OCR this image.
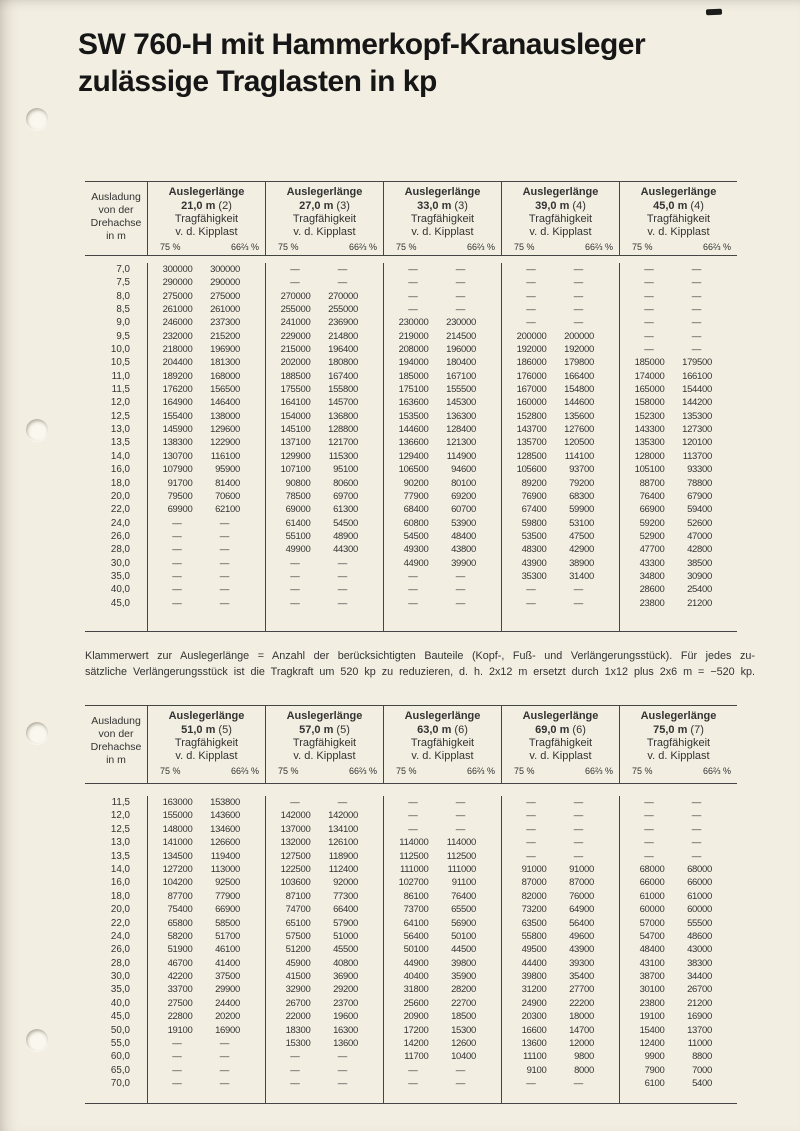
SW 760-H mit Hammerkopf-Kranausleger
zulässige Traglasten in kp
Ausladung
von der
Drehachse
in m
Auslegerlänge
21,0 m (2)
Tragfähigkeit
v. d. Kipplast
75 %	66⅔ %
Auslegerlänge
27,0 m (3)
Tragfähigkeit
v. d. Kipplast
75 %	66⅔ %
Auslegerlänge
33,0 m (3)
Tragfähigkeit
v. d. Kipplast
75 %	66⅔ %
Auslegerlänge
39,0 m (4)
Tragfähigkeit
v. d. Kipplast
75 %	66⅔ %
Auslegerlänge
45,0 m (4)
Tragfähigkeit
v. d. Kipplast
75 %	66⅔ %
7,0	300000	300000	—	—	—	—	—	—	—	—
7,5	290000	290000	—	—	—	—	—	—	—	—
8,0	275000	275000	270000	270000	—	—	—	—	—	—
8,5	261000	261000	255000	255000	—	—	—	—	—	—
9,0	246000	237300	241000	236900	230000	230000	—	—	—	—
9,5	232000	215200	229000	214800	219000	214500	200000	200000	—	—
10,0	218000	196900	215000	196400	208000	196000	192000	192000	—	—
10,5	204400	181300	202000	180800	194000	180400	186000	179800	185000	179500
11,0	189200	168000	188500	167400	185000	167100	176000	166400	174000	166100
11,5	176200	156500	175500	155800	175100	155500	167000	154800	165000	154400
12,0	164900	146400	164100	145700	163600	145300	160000	144600	158000	144200
12,5	155400	138000	154000	136800	153500	136300	152800	135600	152300	135300
13,0	145900	129600	145100	128800	144600	128400	143700	127600	143300	127300
13,5	138300	122900	137100	121700	136600	121300	135700	120500	135300	120100
14,0	130700	116100	129900	115300	129400	114900	128500	114100	128000	113700
16,0	107900	95900	107100	95100	106500	94600	105600	93700	105100	93300
18,0	91700	81400	90800	80600	90200	80100	89200	79200	88700	78800
20,0	79500	70600	78500	69700	77900	69200	76900	68300	76400	67900
22,0	69900	62100	69000	61300	68400	60700	67400	59900	66900	59400
24,0	—	—	61400	54500	60800	53900	59800	53100	59200	52600
26,0	—	—	55100	48900	54500	48400	53500	47500	52900	47000
28,0	—	—	49900	44300	49300	43800	48300	42900	47700	42800
30,0	—	—	—	—	44900	39900	43900	38900	43300	38500
35,0	—	—	—	—	—	—	35300	31400	34800	30900
40,0	—	—	—	—	—	—	—	—	28600	25400
45,0	—	—	—	—	—	—	—	—	23800	21200
Klammerwert zur Auslegerlänge = Anzahl der berücksichtigten Bauteile (Kopf-, Fuß- und Verlängerungsstück). Für jedes zu-
sätzliche Verlängerungsstück ist die Tragkraft um 520 kp zu reduzieren, d. h. 2x12 m ersetzt durch 1x12 plus 2x6 m = −520 kp.
Ausladung
von der
Drehachse
in m
Auslegerlänge
51,0 m (5)
Tragfähigkeit
v. d. Kipplast
75 %	66⅔ %
Auslegerlänge
57,0 m (5)
Tragfähigkeit
v. d. Kipplast
75 %	66⅔ %
Auslegerlänge
63,0 m (6)
Tragfähigkeit
v. d. Kipplast
75 %	66⅔ %
Auslegerlänge
69,0 m (6)
Tragfähigkeit
v. d. Kipplast
75 %	66⅔ %
Auslegerlänge
75,0 m (7)
Tragfähigkeit
v. d. Kipplast
75 %	66⅔ %
11,5	163000	153800	—	—	—	—	—	—	—	—
12,0	155000	143600	142000	142000	—	—	—	—	—	—
12,5	148000	134600	137000	134100	—	—	—	—	—	—
13,0	141000	126600	132000	126100	114000	114000	—	—	—	—
13,5	134500	119400	127500	118900	112500	112500	—	—	—	—
14,0	127200	113000	122500	112400	111000	111000	91000	91000	68000	68000
16,0	104200	92500	103600	92000	102700	91100	87000	87000	66000	66000
18,0	87700	77900	87100	77300	86100	76400	82000	76000	61000	61000
20,0	75400	66900	74700	66400	73700	65500	73200	64900	60000	60000
22,0	65800	58500	65100	57900	64100	56900	63500	56400	57000	55500
24,0	58200	51700	57500	51000	56400	50100	55800	49600	54700	48600
26,0	51900	46100	51200	45500	50100	44500	49500	43900	48400	43000
28,0	46700	41400	45900	40800	44900	39800	44400	39300	43100	38300
30,0	42200	37500	41500	36900	40400	35900	39800	35400	38700	34400
35,0	33700	29900	32900	29200	31800	28200	31200	27700	30100	26700
40,0	27500	24400	26700	23700	25600	22700	24900	22200	23800	21200
45,0	22800	20200	22000	19600	20900	18500	20300	18000	19100	16900
50,0	19100	16900	18300	16300	17200	15300	16600	14700	15400	13700
55,0	—	—	15300	13600	14200	12600	13600	12000	12400	11000
60,0	—	—	—	—	11700	10400	11100	9800	9900	8800
65,0	—	—	—	—	—	—	9100	8000	7900	7000
70,0	—	—	—	—	—	—	—	—	6100	5400
